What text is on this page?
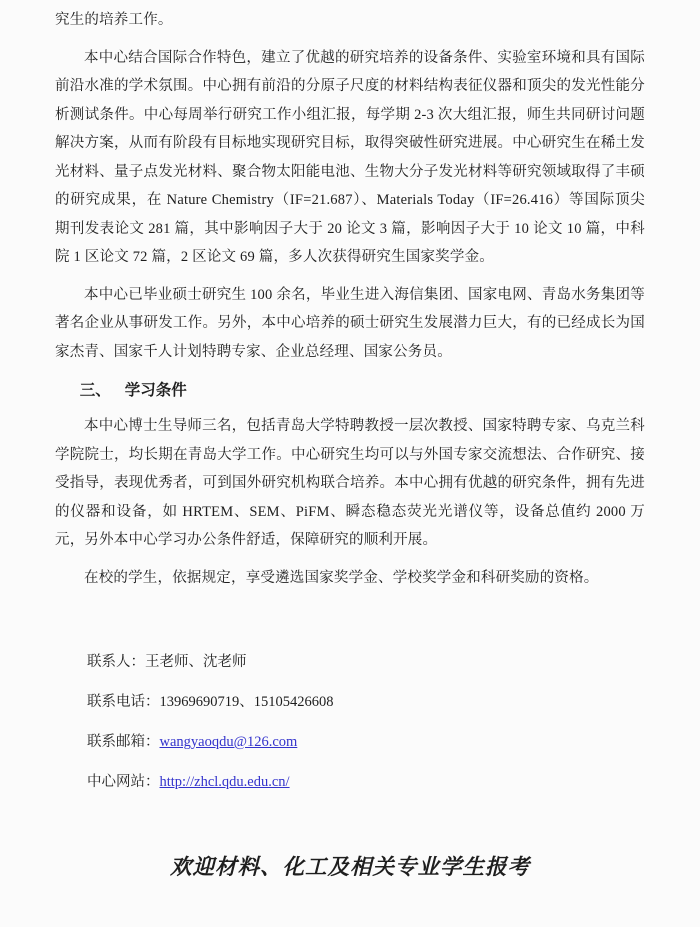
究生的培养工作。

本中心结合国际合作特色，建立了优越的研究培养的设备条件、实验室环境和具有国际前沿水准的学术氛围。中心拥有前沿的分原子尺度的材料结构表征仪器和顶尖的发光性能分析测试条件。中心每周举行研究工作小组汇报，每学期 2-3 次大组汇报，师生共同研讨问题解决方案，从而有阶段有目标地实现研究目标，取得突破性研究进展。中心研究生在稀土发光材料、量子点发光材料、聚合物太阳能电池、生物大分子发光材料等研究领域取得了丰硕的研究成果，在 Nature Chemistry（IF=21.687）、Materials Today（IF=26.416）等国际顶尖期刊发表论文 281 篇，其中影响因子大于 20 论文 3 篇，影响因子大于 10 论文 10 篇，中科院 1 区论文 72 篇，2 区论文 69 篇，多人次获得研究生国家奖学金。

本中心已毕业硕士研究生 100 余名，毕业生进入海信集团、国家电网、青岛水务集团等著名企业从事研发工作。另外，本中心培养的硕士研究生发展潜力巨大，有的已经成长为国家杰青、国家千人计划特聘专家、企业总经理、国家公务员。

三、 学习条件

本中心博士生导师三名，包括青岛大学特聘教授一层次教授、国家特聘专家、乌克兰科学院院士，均长期在青岛大学工作。中心研究生均可以与外国专家交流想法、合作研究、接受指导，表现优秀者，可到国外研究机构联合培养。本中心拥有优越的研究条件，拥有先进的仪器和设备，如 HRTEM、SEM、PiFM、瞬态稳态荧光光谱仪等，设备总值约 2000 万元，另外本中心学习办公条件舒适，保障研究的顺利开展。

在校的学生，依据规定，享受遴选国家奖学金、学校奖学金和科研奖励的资格。

联系人：王老师、沈老师
联系电话：13969690719、15105426608
联系邮箱：wangyaoqdu@126.com
中心网站：http://zhcl.qdu.edu.cn/
欢迎材料、化工及相关专业学生报考
